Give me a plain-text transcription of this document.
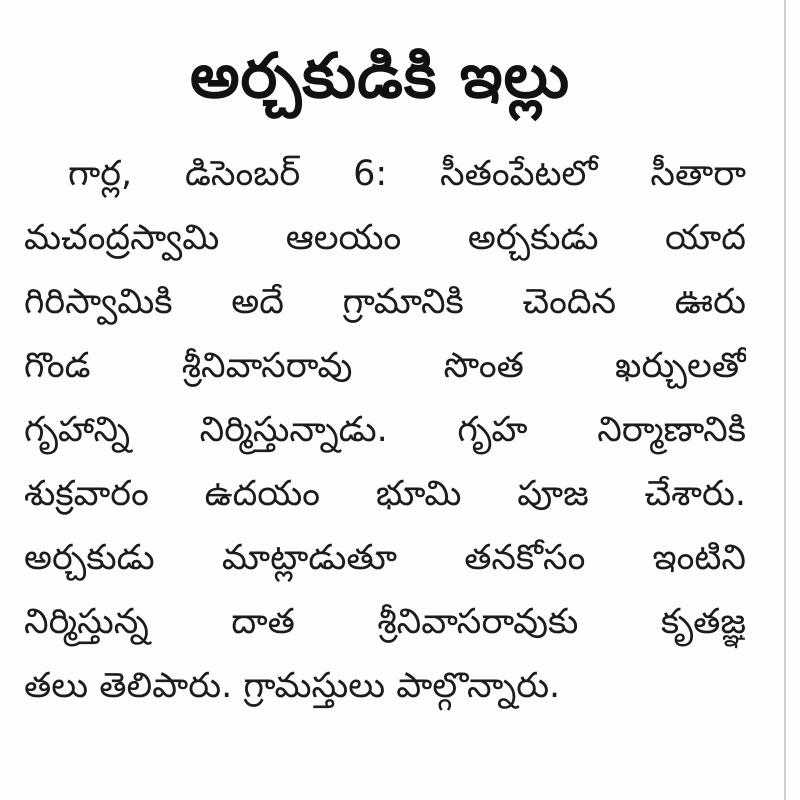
అర్చకుడికి ఇల్లు
గార్ల, డిసెంబర్ 6: సీతంపేటలో సీతారా
మచంద్రస్వామి ఆలయం అర్చకుడు యాద
గిరిస్వామికి అదే గ్రామానికి చెందిన ఊరు
గొండ శ్రీనివాసరావు సొంత ఖర్చులతో
గృహాన్ని నిర్మిస్తున్నాడు. గృహ నిర్మాణానికి
శుక్రవారం ఉదయం భూమి పూజ చేశారు.
అర్చకుడు మాట్లాడుతూ తనకోసం ఇంటిని
నిర్మిస్తున్న దాత శ్రీనివాసరావుకు కృతజ్ఞ
తలు తెలిపారు. గ్రామస్తులు పాల్గొన్నారు.
